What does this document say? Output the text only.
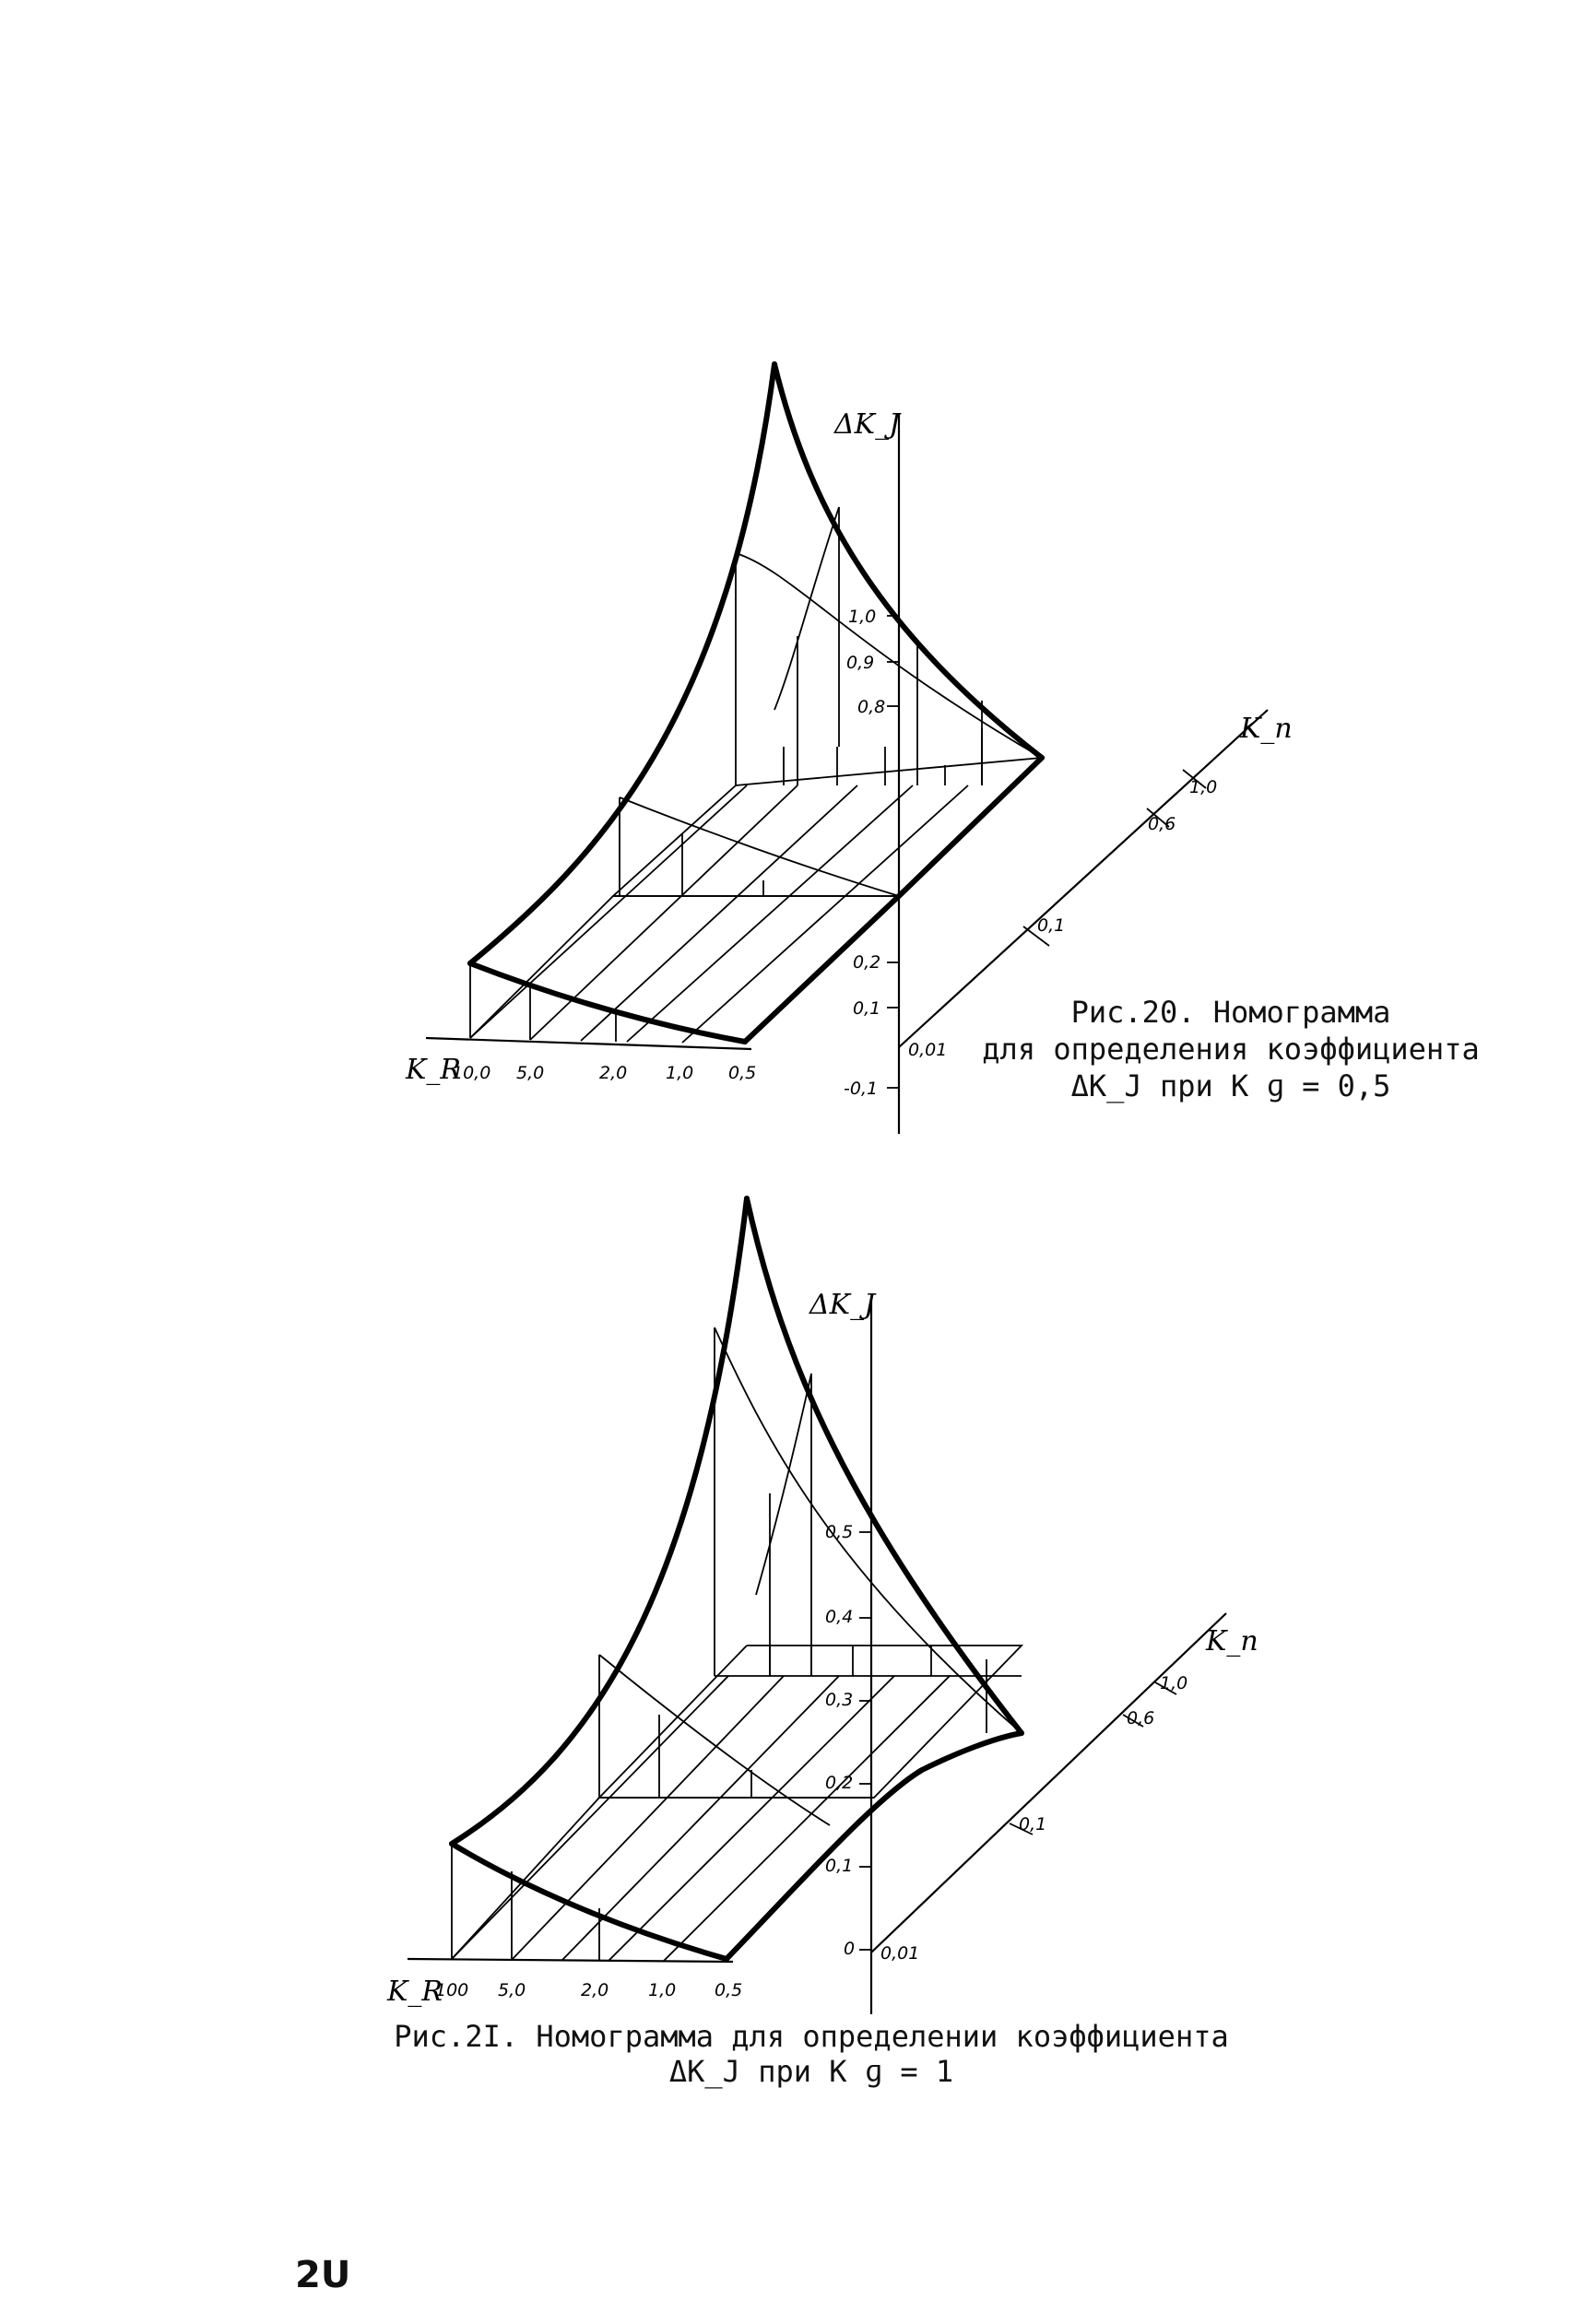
ΔK_J
K_n
K_R
10,0 5,0	2,0 1,0 0,5
0,01
0,1
0,6
1,0
1,0
0,9
0,8
0,2
0,1
-0,1
ΔK_J
K_n
K_R
100 5,0	2,0 1,0 0,5
0,01
0,1
0,6
1,0
0,5
0,4
0,3
0,2
0,1
0
Рис.20. Номограмма
для определения коэффициента
ΔK_J при К ɡ = 0,5
Рис.2I. Номограмма для определении коэффициента
ΔK_J при К ɡ = 1
2U
